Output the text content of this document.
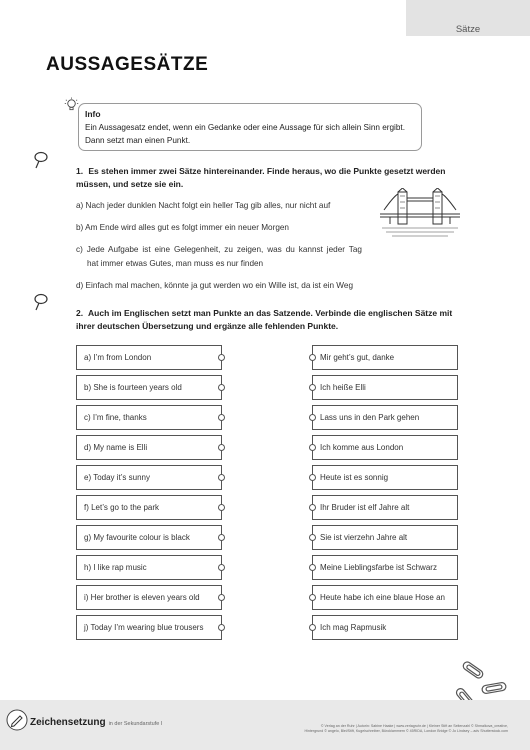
Sätze
AUSSAGESÄTZE
Info
Ein Aussagesatz endet, wenn ein Gedanke oder eine Aussage für sich allein Sinn ergibt. Dann setzt man einen Punkt.
1. Es stehen immer zwei Sätze hintereinander. Finde heraus, wo die Punkte gesetzt werden müssen, und setze sie ein.
a) Nach jeder dunklen Nacht folgt ein heller Tag gib alles, nur nicht auf
b) Am Ende wird alles gut es folgt immer ein neuer Morgen
c) Jede Aufgabe ist eine Gelegenheit, zu zeigen, was du kannst jeder Tag
hat immer etwas Gutes, man muss es nur finden
d) Einfach mal machen, könnte ja gut werden wo ein Wille ist, da ist ein Weg
2. Auch im Englischen setzt man Punkte an das Satzende. Verbinde die englischen Sätze mit ihrer deutschen Übersetzung und ergänze alle fehlenden Punkte.
a) I’m from London
b) She is fourteen years old
c) I’m fine, thanks
d) My name is Elli
e) Today it’s sunny
f) Let’s go to the park
g) My favourite colour is black
h) I like rap music
i) Her brother is eleven years old
j) Today I’m wearing blue trousers
Mir geht’s gut, danke
Ich heiße Elli
Lass uns in den Park gehen
Ich komme aus London
Heute ist es sonnig
Ihr Bruder ist elf Jahre alt
Sie ist vierzehn Jahre alt
Meine Lieblingsfarbe ist Schwarz
Heute habe ich eine blaue Hose an
Ich mag Rapmusik
Zeichensetzung in der Sekundarstufe I	© Verlag an der Ruhr | Autorin: Sabine Haake | www.verlagruhr.de | Kleiner Stift an Seitenzahl © Shmalkova_creative,
Hintergrund © angelo, Blei/Stift, Kugelschreiber, Büroklammern © 45RIDA, London Bridge © Jo Lindsey – adv Shutterstock.com
